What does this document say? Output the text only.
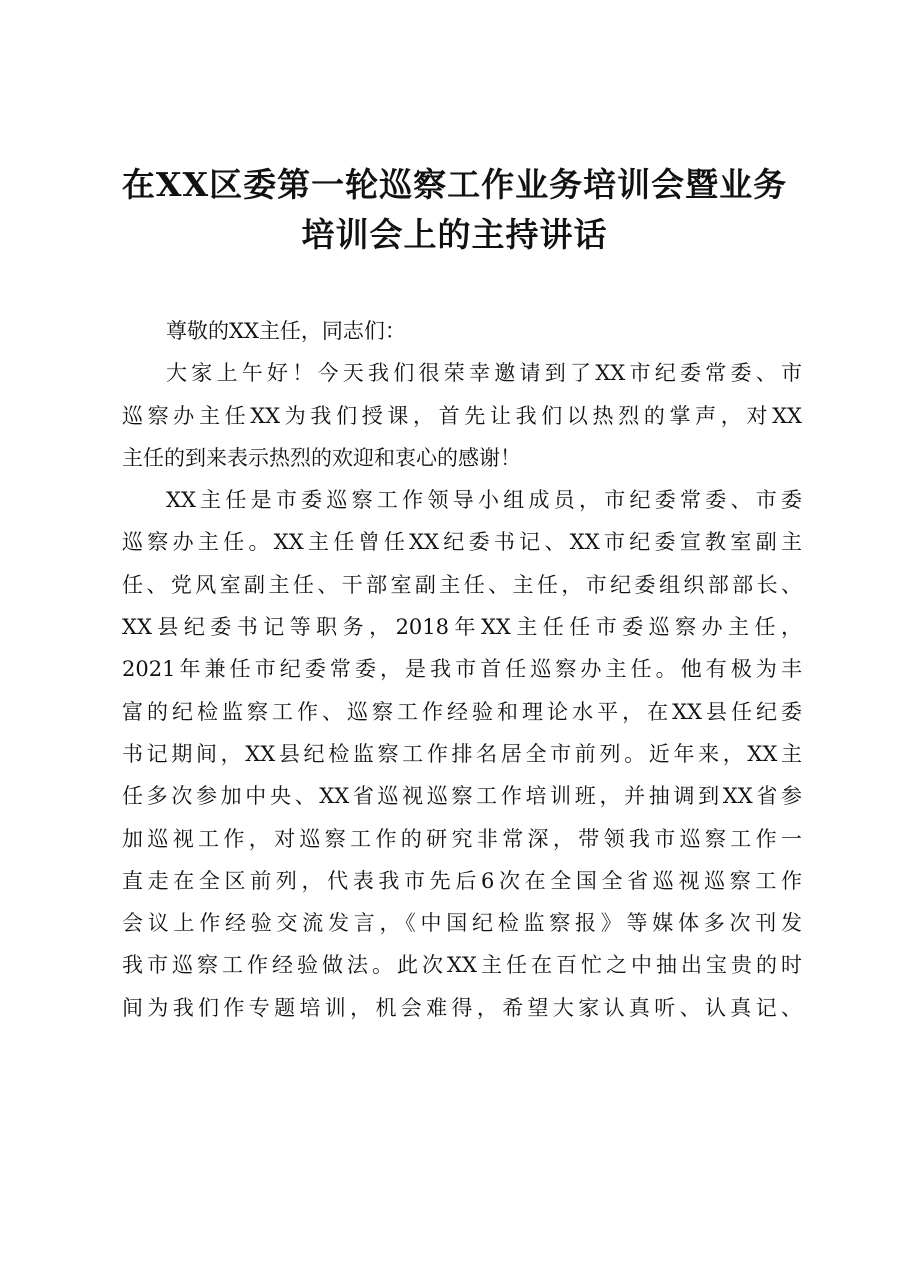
在XX区委第一轮巡察工作业务培训会暨业务
培训会上的主持讲话
尊敬的XX主任，同志们：
大家上午好！今天我们很荣幸邀请到了XX市纪委常委、市
巡察办主任XX为我们授课，首先让我们以热烈的掌声，对XX
主任的到来表示热烈的欢迎和衷心的感谢！
XX主任是市委巡察工作领导小组成员，市纪委常委、市委
巡察办主任。XX主任曾任XX纪委书记、XX市纪委宣教室副主
任、党风室副主任、干部室副主任、主任，市纪委组织部部长、
XX县纪委书记等职务，2018年XX主任任市委巡察办主任，
2021年兼任市纪委常委，是我市首任巡察办主任。他有极为丰
富的纪检监察工作、巡察工作经验和理论水平，在XX县任纪委
书记期间，XX县纪检监察工作排名居全市前列。近年来，XX主
任多次参加中央、XX省巡视巡察工作培训班，并抽调到XX省参
加巡视工作，对巡察工作的研究非常深，带领我市巡察工作一
直走在全区前列，代表我市先后6次在全国全省巡视巡察工作
会议上作经验交流发言，《中国纪检监察报》等媒体多次刊发
我市巡察工作经验做法。此次XX主任在百忙之中抽出宝贵的时
间为我们作专题培训，机会难得，希望大家认真听、认真记、
